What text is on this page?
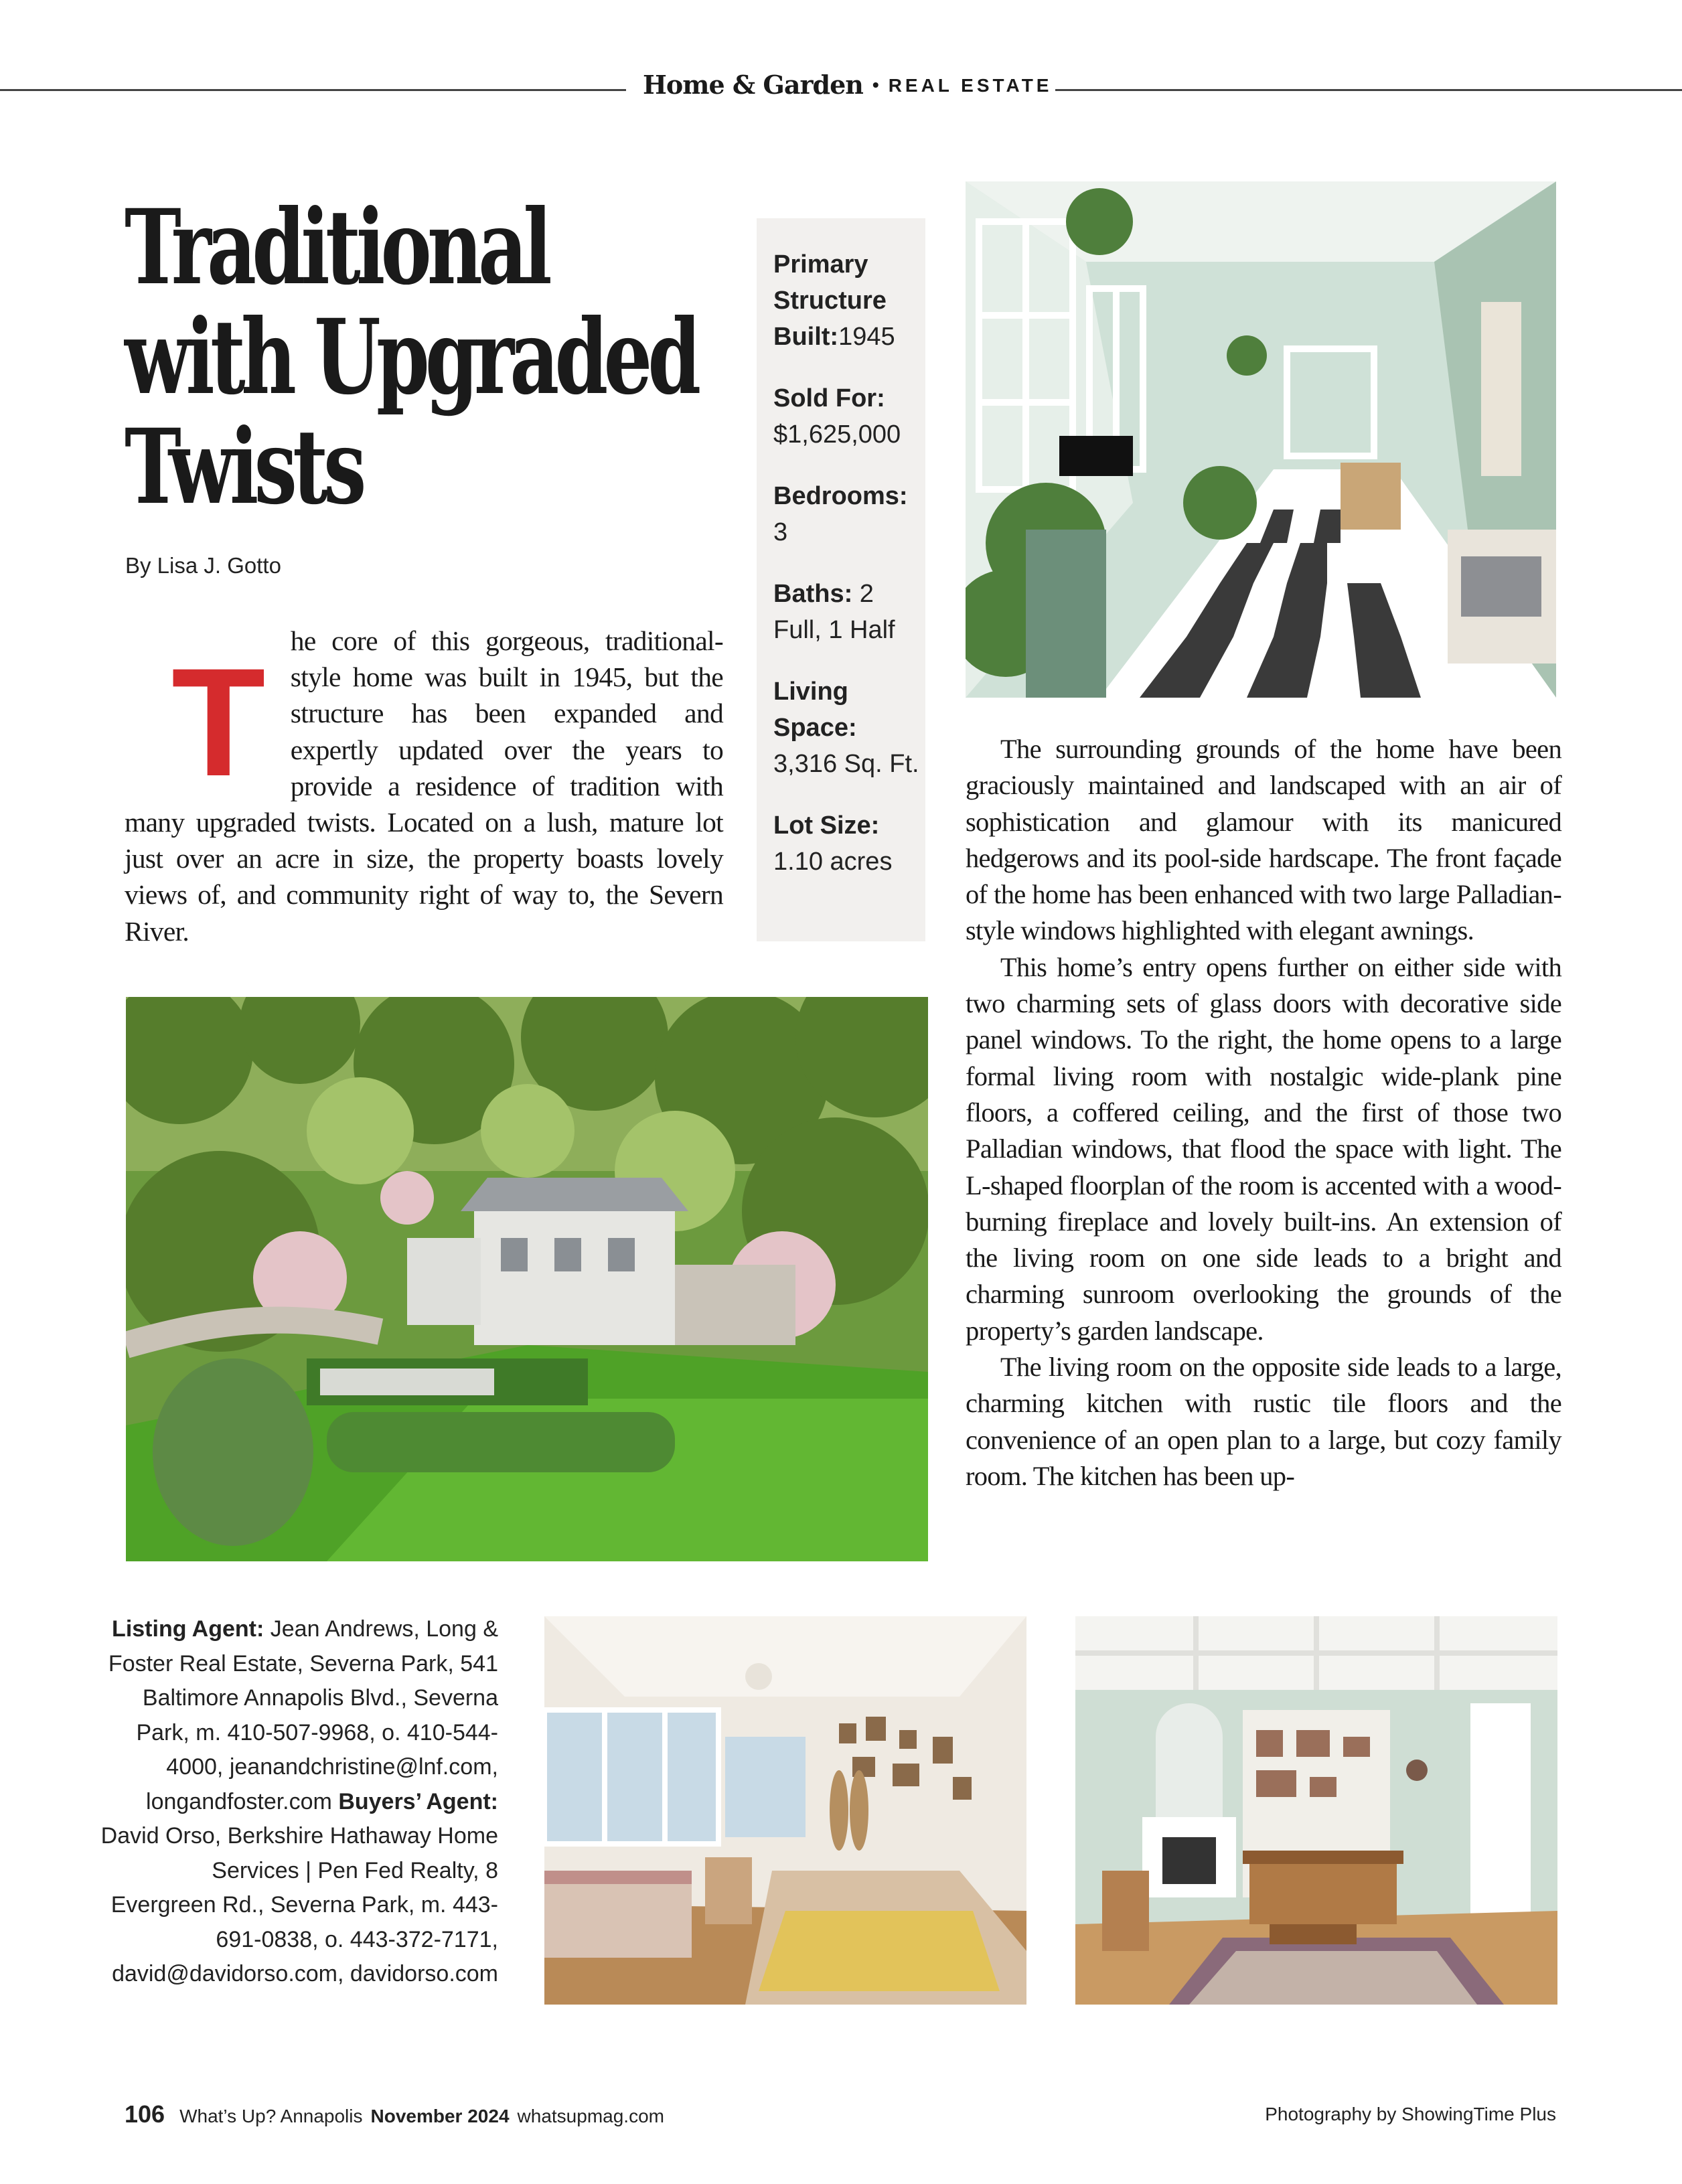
Home & Garden • REAL ESTATE
Traditional
with Upgraded
Twists
By Lisa J. Gotto

The core of this gorgeous, traditional-style home was built in 1945, but the structure has been expanded and expertly updated over the years to provide a residence of tradition with many upgraded twists. Located on a lush, mature lot just over an acre in size, the property boasts lovely views of, and community right of way to, the Severn River.

Primary Structure Built:1945
Sold For: $1,625,000
Bedrooms: 3
Baths: 2 Full, 1 Half
Living Space: 3,316 Sq. Ft.
Lot Size: 1.10 acres

The surrounding grounds of the home have been graciously maintained and landscaped with an air of sophistication and glamour with its manicured hedgerows and its pool-side hardscape. The front façade of the home has been enhanced with two large Palladian-style windows highlighted with elegant awnings.

This home’s entry opens further on either side with two charming sets of glass doors with decorative side panel windows. To the right, the home opens to a large formal living room with nostalgic wide-plank pine floors, a coffered ceiling, and the first of those two Palladian windows, that flood the space with light. The L-shaped floorplan of the room is accented with a wood-burning fireplace and lovely built-ins. An extension of the living room on one side leads to a bright and charming sunroom overlooking the grounds of the property’s garden landscape.

The living room on the opposite side leads to a large, charming kitchen with rustic tile floors and the convenience of an open plan to a large, but cozy family room. The kitchen has been up-

Listing Agent: Jean Andrews, Long & Foster Real Estate, Severna Park, 541 Baltimore Annapolis Blvd., Severna Park, m. 410-507-9968, o. 410-544-4000, jeanandchristine@lnf.com, longandfoster.com Buyers’ Agent: David Orso, Berkshire Hathaway Home Services | Pen Fed Realty, 8 Evergreen Rd., Severna Park, m. 443-691-0838, o. 443-372-7171, david@davidorso.com, davidorso.com

106 What’s Up? Annapolis November 2024 whatsupmag.com	Photography by ShowingTime Plus
